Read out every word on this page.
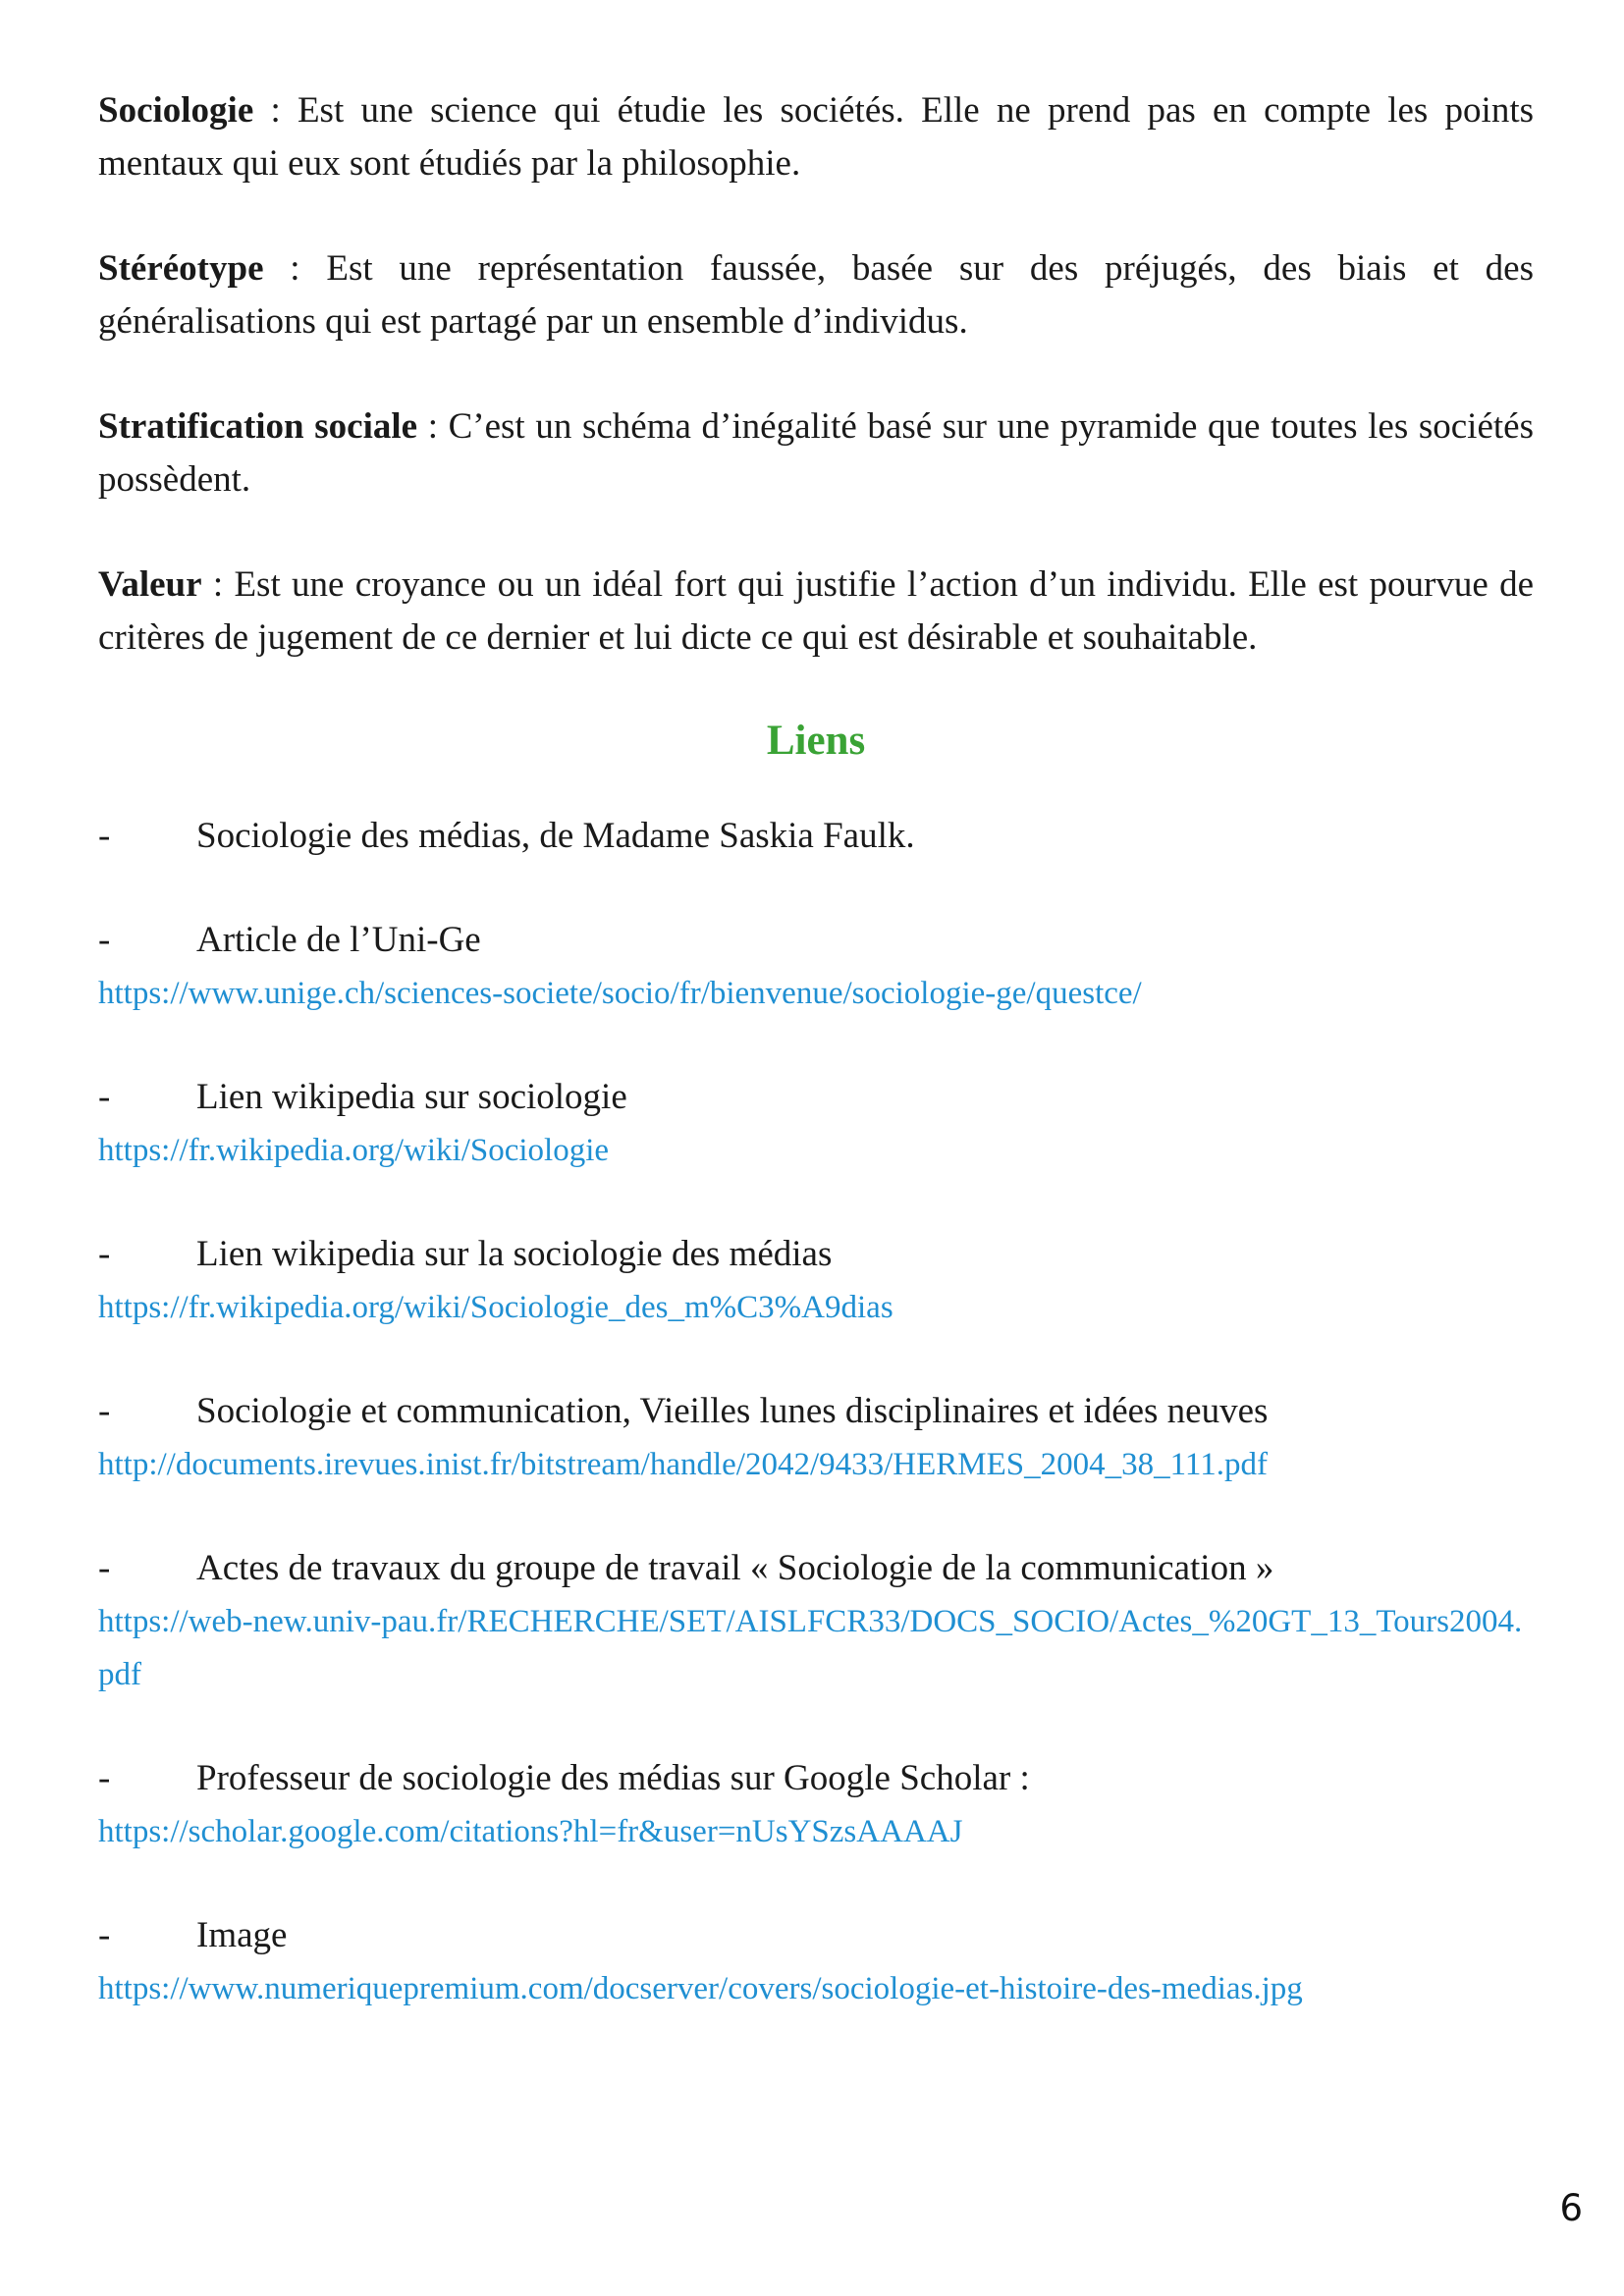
Sociologie : Est une science qui étudie les sociétés. Elle ne prend pas en compte les points mentaux qui eux sont étudiés par la philosophie.

Stéréotype : Est une représentation faussée, basée sur des préjugés, des biais et des généralisations qui est partagé par un ensemble d’individus.

Stratification sociale : C’est un schéma d’inégalité basé sur une pyramide que toutes les sociétés possèdent.

Valeur : Est une croyance ou un idéal fort qui justifie l’action d’un individu. Elle est pourvue de critères de jugement de ce dernier et lui dicte ce qui est désirable et souhaitable.

Liens
-	Sociologie des médias, de Madame Saskia Faulk.
-	Article de l’Uni-Ge
https://www.unige.ch/sciences-societe/socio/fr/bienvenue/sociologie-ge/questce/
-	Lien wikipedia sur sociologie
https://fr.wikipedia.org/wiki/Sociologie
-	Lien wikipedia sur la sociologie des médias
https://fr.wikipedia.org/wiki/Sociologie_des_m%C3%A9dias
-	Sociologie et communication, Vieilles lunes disciplinaires et idées neuves
http://documents.irevues.inist.fr/bitstream/handle/2042/9433/HERMES_2004_38_111.pdf
-	Actes de travaux du groupe de travail « Sociologie de la communication »
https://web-new.univ-pau.fr/RECHERCHE/SET/AISLFCR33/DOCS_SOCIO/Actes_%20GT_13_Tours2004.pdf
-	Professeur de sociologie des médias sur Google Scholar :
https://scholar.google.com/citations?hl=fr&user=nUsYSzsAAAAJ
-	Image
https://www.numeriquepremium.com/docserver/covers/sociologie-et-histoire-des-medias.jpg
6
